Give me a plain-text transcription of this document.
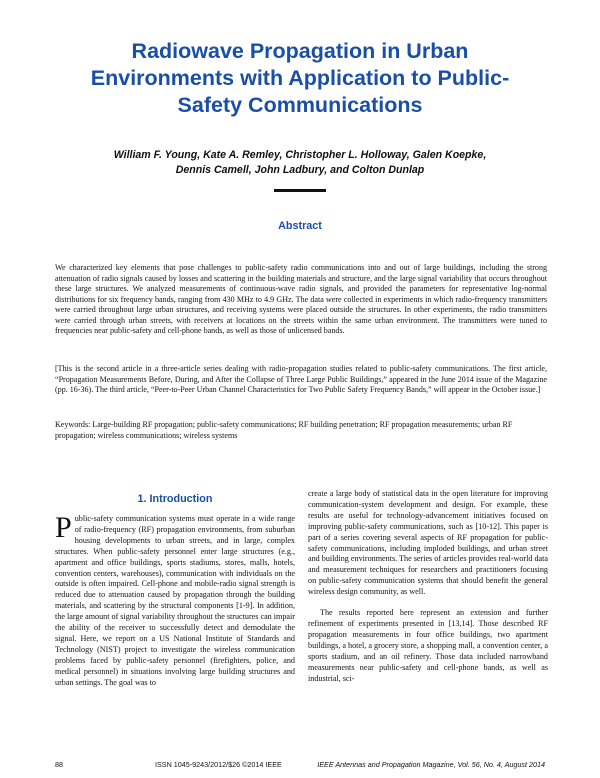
Radiowave Propagation in Urban Environments with Application to Public-Safety Communications
William F. Young, Kate A. Remley, Christopher L. Holloway, Galen Koepke,
Dennis Camell, John Ladbury, and Colton Dunlap
Abstract

We characterized key elements that pose challenges to public-safety radio communications into and out of large buildings, including the strong attenuation of radio signals caused by losses and scattering in the building materials and structure, and the large signal variability that occurs throughout these large structures. We analyzed measurements of continuous-wave radio signals, and provided the parameters for representative log-normal distributions for six frequency bands, ranging from 430 MHz to 4.9 GHz. The data were collected in experiments in which radio-frequency transmitters were carried throughout large urban structures, and receiving systems were placed outside the structures. In other experiments, the radio transmitters were carried through urban streets, with receivers at locations on the streets within the same urban environment. The transmitters were tuned to frequencies near public-safety and cell-phone bands, as well as those of unlicensed bands.

[This is the second article in a three-article series dealing with radio-propagation studies related to public-safety communications. The first article, “Propagation Measurements Before, During, and After the Collapse of Three Large Public Buildings,” appeared in the June 2014 issue of the Magazine (pp. 16-36). The third article, “Peer-to-Peer Urban Channel Characteristics for Two Public Safety Frequency Bands,” will appear in the October issue.]

Keywords: Large-building RF propagation; public-safety communications; RF building penetration; RF propagation measurements; urban RF propagation; wireless communications; wireless systems

1. Introduction

Public-safety communication systems must operate in a wide range of radio-frequency (RF) propagation environments, from suburban housing developments to urban streets, and in large, complex structures. When public-safety personnel enter large structures (e.g., apartment and office buildings, sports stadiums, stores, malls, hotels, convention centers, warehouses), communication with individuals on the outside is often impaired. Cell-phone and mobile-radio signal strength is reduced due to attenuation caused by propagation through the building materials, and scattering by the structural components [1-9]. In addition, the large amount of signal variability throughout the structures can impair the ability of the receiver to successfully detect and demodulate the signal. Here, we report on a US National Institute of Standards and Technology (NIST) project to investigate the wireless communication problems faced by public-safety personnel (firefighters, police, and medical personnel) in situations involving large building structures and urban settings. The goal was to

create a large body of statistical data in the open literature for improving communication-system development and design. For example, these results are useful for technology-advancement initiatives focused on improving public-safety communications, such as [10-12]. This paper is part of a series covering several aspects of RF propagation for public-safety communications, including imploded buildings, and urban street and building environments. The series of articles provides real-world data and measurement techniques for researchers and practitioners focusing on public-safety communication systems that should benefit the general wireless design community, as well.

The results reported here represent an extension and further refinement of experiments presented in [13,14]. Those described RF propagation measurements in four office buildings, two apartment buildings, a hotel, a grocery store, a shopping mall, a convention center, a sports stadium, and an oil refinery. Those data included narrowband measurements near public-safety and cell-phone bands, as well as industrial, sci-

88	ISSN 1045-9243/2012/$26 ©2014 IEEE	IEEE Antennas and Propagation Magazine, Vol. 56, No. 4, August 2014
